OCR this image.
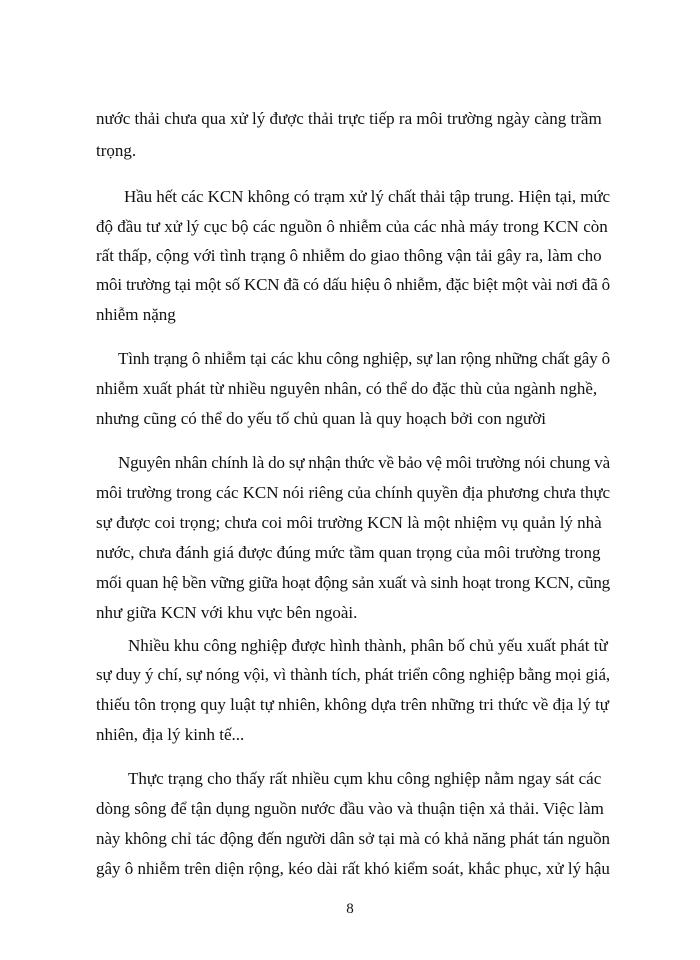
nước thải chưa qua xử lý được thải trực tiếp ra môi trường ngày càng trầm
trọng.
Hầu hết các KCN không có trạm xử lý chất thải tập trung. Hiện tại, mức
độ đầu tư xử lý cục bộ các nguồn ô nhiễm của các nhà máy trong KCN còn
rất thấp, cộng với tình trạng ô nhiễm do giao thông vận tải gây ra, làm cho
môi trường tại một số KCN đã có dấu hiệu ô nhiễm, đặc biệt một vài nơi đã ô
nhiễm nặng
Tình trạng ô nhiễm tại các khu công nghiệp, sự lan rộng những chất gây ô
nhiễm xuất phát từ nhiều nguyên nhân, có thể do đặc thù của ngành nghề,
nhưng cũng có thể do yếu tố chủ quan là quy hoạch bởi con người
Nguyên nhân chính là do sự nhận thức về bảo vệ môi trường nói chung và
môi trường trong các KCN nói riêng của chính quyền địa phương chưa thực
sự được coi trọng; chưa coi môi trường KCN là một nhiệm vụ quản lý nhà
nước, chưa đánh giá được đúng mức tầm quan trọng của môi trường trong
mối quan hệ bền vững giữa hoạt động sản xuất và sinh hoạt trong KCN, cũng
như giữa KCN với khu vực bên ngoài.
Nhiều khu công nghiệp được hình thành, phân bố chủ yếu xuất phát từ
sự duy ý chí, sự nóng vội, vì thành tích, phát triển công nghiệp bằng mọi giá,
thiếu tôn trọng quy luật tự nhiên, không dựa trên những tri thức về địa lý tự
nhiên, địa lý kinh tế...
Thực trạng cho thấy rất nhiều cụm khu công nghiệp nằm ngay sát các
dòng sông để tận dụng nguồn nước đầu vào và thuận tiện xả thải. Việc làm
này không chỉ tác động đến người dân sở tại mà có khả năng phát tán nguồn
gây ô nhiễm trên diện rộng, kéo dài rất khó kiểm soát, khắc phục, xử lý hậu
8
